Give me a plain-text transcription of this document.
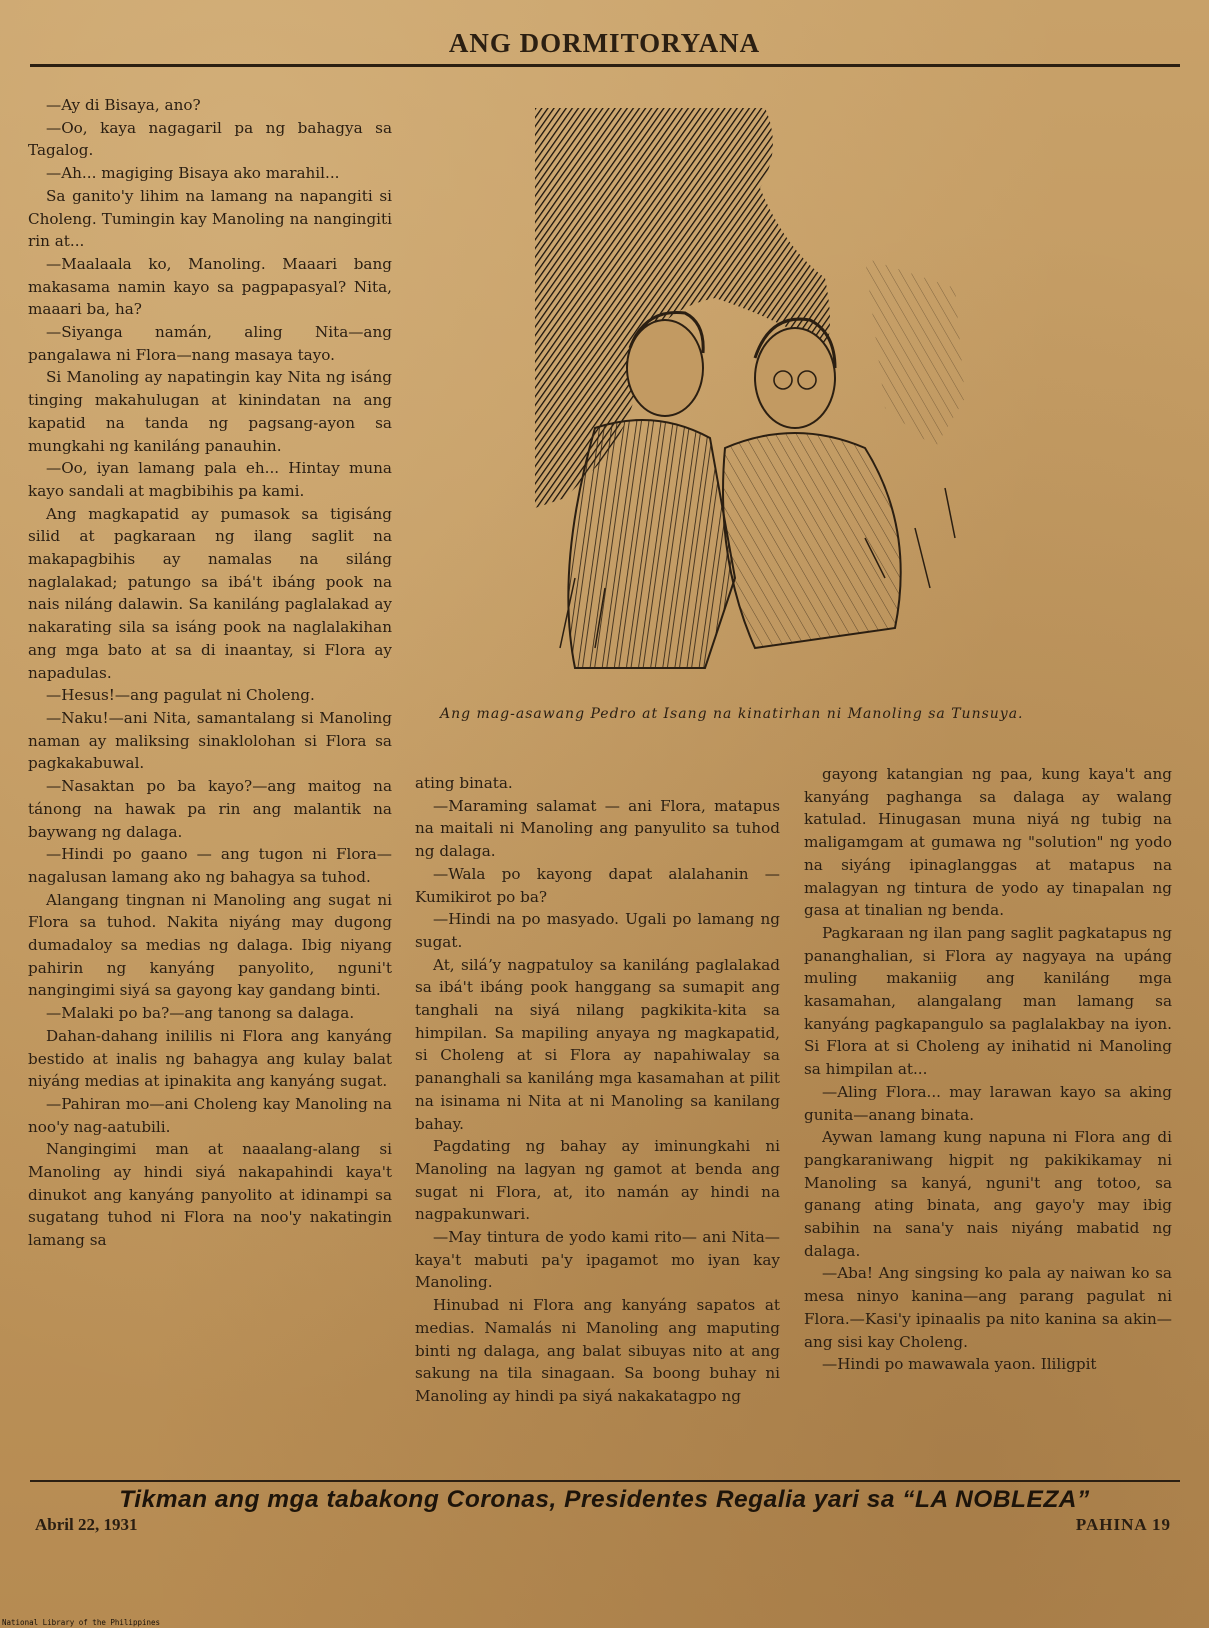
ANG DORMITORYANA

—Ay di Bisaya, ano?

—Oo, kaya nagagaril pa ng bahagya sa Tagalog.

—Ah... magiging Bisaya ako marahil...

Sa ganito'y lihim na lamang na napangiti si Choleng. Tumingin kay Manoling na nangingiti rin at...

—Maalaala ko, Manoling. Maaari bang makasama namin kayo sa pagpapasyal? Nita, maaari ba, ha?

—Siyanga namán, aling Nita—ang pangalawa ni Flora—nang masaya tayo.

Si Manoling ay napatingin kay Nita ng isáng tinging makahulugan at kinindatan na ang kapatid na tanda ng pagsang-ayon sa mungkahi ng kaniláng panauhin.

—Oo, iyan lamang pala eh... Hintay muna kayo sandali at magbibihis pa kami.

Ang magkapatid ay pumasok sa tigisáng silid at pagkaraan ng ilang saglit na makapagbihis ay namalas na siláng naglalakad; patungo sa ibá't ibáng pook na nais niláng dalawin. Sa kaniláng paglalakad ay nakarating sila sa isáng pook na naglalakihan ang mga bato at sa di inaantay, si Flora ay napadulas.

—Hesus!—ang pagulat ni Choleng.

—Naku!—ani Nita, samantalang si Manoling naman ay maliksing sinaklolohan si Flora sa pagkakabuwal.

—Nasaktan po ba kayo?—ang maitog na tánong na hawak pa rin ang malantik na baywang ng dalaga.

—Hindi po gaano — ang tugon ni Flora—nagalusan lamang ako ng bahagya sa tuhod.

Alangang tingnan ni Manoling ang sugat ni Flora sa tuhod. Nakita niyáng may dugong dumadaloy sa medias ng dalaga. Ibig niyang pahirin ng kanyáng panyolito, nguni't nangingimi siyá sa gayong kay gandang binti.

—Malaki po ba?—ang tanong sa dalaga.

Dahan-dahang inililis ni Flora ang kanyáng bestido at inalis ng bahagya ang kulay balat niyáng medias at ipinakita ang kanyáng sugat.

—Pahiran mo—ani Choleng kay Manoling na noo'y nag-aatubili.

Nangingimi man at naaalang-alang si Manoling ay hindi siyá nakapahindi kaya't dinukot ang kanyáng panyolito at idinampi sa sugatang tuhod ni Flora na noo'y nakatingin lamang sa

Ang mag-asawang Pedro at Isang na kinatirhan ni Manoling sa Tunsuya.

ating binata.

—Maraming salamat — ani Flora, matapus na maitali ni Manoling ang panyulito sa tuhod ng dalaga.

—Wala po kayong dapat alalahanin —Kumikirot po ba?

—Hindi na po masyado. Ugali po lamang ng sugat.

At, siláʼy nagpatuloy sa kaniláng paglalakad sa ibá't ibáng pook hanggang sa sumapit ang tanghali na siyá nilang pagkikita-kita sa himpilan. Sa mapiling anyaya ng magkapatid, si Choleng at si Flora ay napahiwalay sa pananghali sa kaniláng mga kasamahan at pilit na isinama ni Nita at ni Manoling sa kanilang bahay.

Pagdating ng bahay ay iminungkahi ni Manoling na lagyan ng gamot at benda ang sugat ni Flora, at, ito namán ay hindi na nagpakunwari.

—May tintura de yodo kami rito— ani Nita—kaya't mabuti pa'y ipagamot mo iyan kay Manoling.

Hinubad ni Flora ang kanyáng sapatos at medias. Namalás ni Manoling ang maputing binti ng dalaga, ang balat sibuyas nito at ang sakung na tila sinagaan. Sa boong buhay ni Manoling ay hindi pa siyá nakakatagpo ng

gayong katangian ng paa, kung kaya't ang kanyáng paghanga sa dalaga ay walang katulad. Hinugasan muna niyá ng tubig na maligamgam at gumawa ng "solution" ng yodo na siyáng ipinaglanggas at matapus na malagyan ng tintura de yodo ay tinapalan ng gasa at tinalian ng benda.

Pagkaraan ng ilan pang saglit pagkatapus ng pananghalian, si Flora ay nagyaya na upáng muling makaniig ang kaniláng mga kasamahan, alangalang man lamang sa kanyáng pagkapangulo sa paglalakbay na iyon. Si Flora at si Choleng ay inihatid ni Manoling sa himpilan at...

—Aling Flora... may larawan kayo sa aking gunita—anang binata.

Aywan lamang kung napuna ni Flora ang di pangkaraniwang higpit ng pakikikamay ni Manoling sa kanyá, nguni't ang totoo, sa ganang ating binata, ang gayo'y may ibig sabihin na sana'y nais niyáng mabatid ng dalaga.

—Aba! Ang singsing ko pala ay naiwan ko sa mesa ninyo kanina—ang parang pagulat ni Flora.—Kasi'y ipinaalis pa nito kanina sa akin—ang sisi kay Choleng.

—Hindi po mawawala yaon. Ililigpit

Tikman ang mga tabakong Coronas, Presidentes Regalia yari sa “LA NOBLEZA”
Abril 22, 1931	PAHINA 19
National Library of the Philippines
